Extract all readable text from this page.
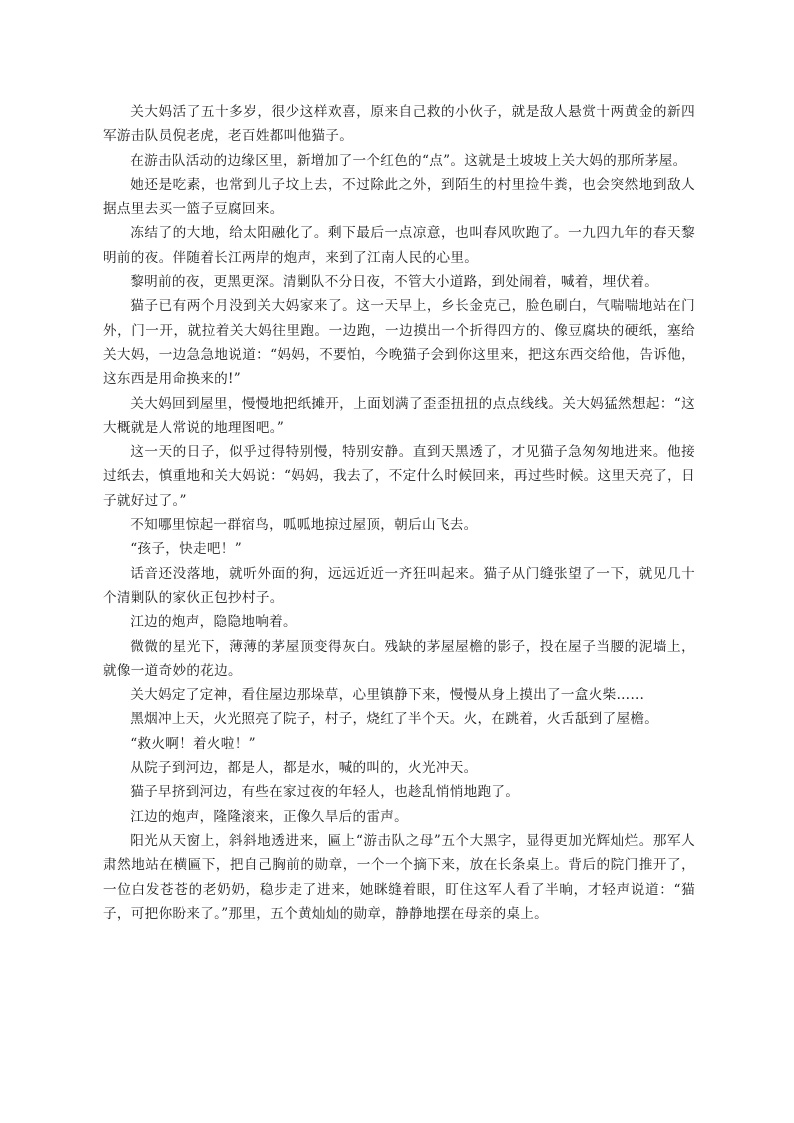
关大妈活了五十多岁，很少这样欢喜，原来自己救的小伙子，就是敌人悬赏十两黄金的新四军游击队员倪老虎，老百姓都叫他猫子。

在游击队活动的边缘区里，新增加了一个红色的“点”。这就是土坡坡上关大妈的那所茅屋。

她还是吃素，也常到儿子坟上去，不过除此之外，到陌生的村里捡牛粪，也会突然地到敌人据点里去买一篮子豆腐回来。

冻结了的大地，给太阳融化了。剩下最后一点凉意，也叫春风吹跑了。一九四九年的春天黎明前的夜。伴随着长江两岸的炮声，来到了江南人民的心里。

黎明前的夜，更黑更深。清剿队不分日夜，不管大小道路，到处闹着，喊着，埋伏着。

猫子已有两个月没到关大妈家来了。这一天早上，乡长金克己，脸色刷白，气喘喘地站在门外，门一开，就拉着关大妈往里跑。一边跑，一边摸出一个折得四方的、像豆腐块的硬纸，塞给关大妈，一边急急地说道：“妈妈，不要怕，今晚猫子会到你这里来，把这东西交给他，告诉他，这东西是用命换来的!”

关大妈回到屋里，慢慢地把纸摊开，上面划满了歪歪扭扭的点点线线。关大妈猛然想起：“这大概就是人常说的地理图吧。”

这一天的日子，似乎过得特别慢，特别安静。直到天黑透了，才见猫子急匆匆地进来。他接过纸去，慎重地和关大妈说：“妈妈，我去了，不定什么时候回来，再过些时候。这里天亮了，日子就好过了。”

不知哪里惊起一群宿鸟，呱呱地掠过屋顶，朝后山飞去。

“孩子，快走吧！”

话音还没落地，就听外面的狗，远远近近一齐狂叫起来。猫子从门缝张望了一下，就见几十个清剿队的家伙正包抄村子。

江边的炮声，隐隐地响着。

微微的星光下，薄薄的茅屋顶变得灰白。残缺的茅屋屋檐的影子，投在屋子当腰的泥墙上，就像一道奇妙的花边。

关大妈定了定神，看住屋边那垛草，心里镇静下来，慢慢从身上摸出了一盒火柴……

黑烟冲上天，火光照亮了院子，村子，烧红了半个天。火，在跳着，火舌舐到了屋檐。

“救火啊！着火啦！”

从院子到河边，都是人，都是水，喊的叫的，火光冲天。

猫子早挤到河边，有些在家过夜的年轻人，也趁乱悄悄地跑了。

江边的炮声，隆隆滚来，正像久旱后的雷声。

阳光从天窗上，斜斜地透进来，匾上“游击队之母”五个大黑字，显得更加光辉灿烂。那军人肃然地站在横匾下，把自己胸前的勋章，一个一个摘下来，放在长条桌上。背后的院门推开了，一位白发苍苍的老奶奶，稳步走了进来，她眯缝着眼，盯住这军人看了半晌，才轻声说道：“猫子，可把你盼来了。”那里，五个黄灿灿的勋章，静静地摆在母亲的桌上。
